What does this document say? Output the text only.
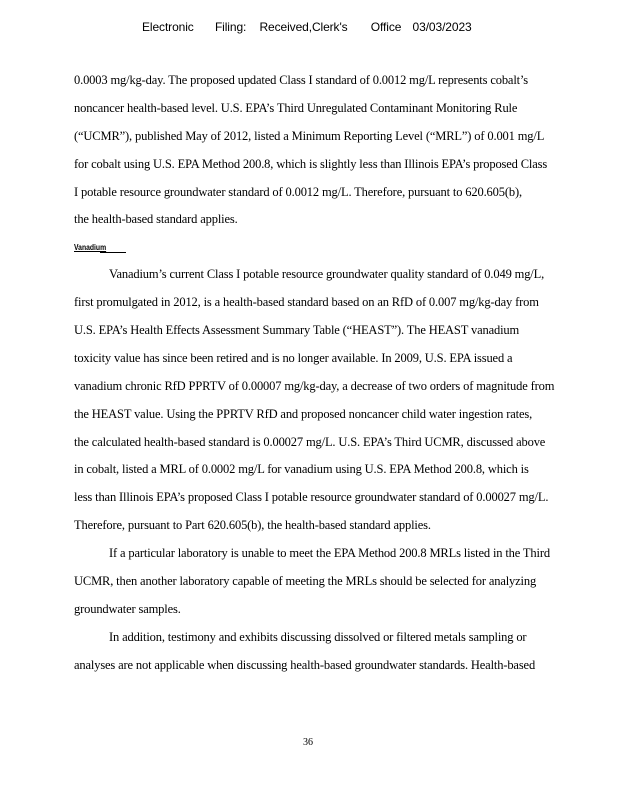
Electronic Filing: Received,Clerk's Office 03/03/2023
0.0003 mg/kg-day. The proposed updated Class I standard of 0.0012 mg/L represents cobalt’s
noncancer health-based level. U.S. EPA’s Third Unregulated Contaminant Monitoring Rule
(“UCMR”), published May of 2012, listed a Minimum Reporting Level (“MRL”) of 0.001 mg/L
for cobalt using U.S. EPA Method 200.8, which is slightly less than Illinois EPA’s proposed Class
I potable resource groundwater standard of 0.0012 mg/L. Therefore, pursuant to 620.605(b),
the health-based standard applies.
Vanadium
Vanadium’s current Class I potable resource groundwater quality standard of 0.049 mg/L,
first promulgated in 2012, is a health-based standard based on an RfD of 0.007 mg/kg-day from
U.S. EPA’s Health Effects Assessment Summary Table (“HEAST”). The HEAST vanadium
toxicity value has since been retired and is no longer available. In 2009, U.S. EPA issued a
vanadium chronic RfD PPRTV of 0.00007 mg/kg-day, a decrease of two orders of magnitude from
the HEAST value. Using the PPRTV RfD and proposed noncancer child water ingestion rates,
the calculated health-based standard is 0.00027 mg/L. U.S. EPA’s Third UCMR, discussed above
in cobalt, listed a MRL of 0.0002 mg/L for vanadium using U.S. EPA Method 200.8, which is
less than Illinois EPA’s proposed Class I potable resource groundwater standard of 0.00027 mg/L.
Therefore, pursuant to Part 620.605(b), the health-based standard applies.
If a particular laboratory is unable to meet the EPA Method 200.8 MRLs listed in the Third
UCMR, then another laboratory capable of meeting the MRLs should be selected for analyzing
groundwater samples.
In addition, testimony and exhibits discussing dissolved or filtered metals sampling or
analyses are not applicable when discussing health-based groundwater standards. Health-based
36
